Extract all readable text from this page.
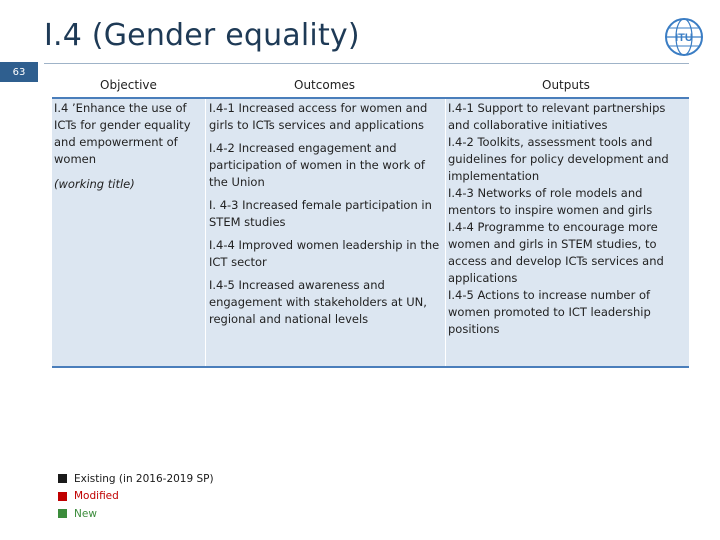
I.4 (Gender equality)
63
ITU
Objective	Outcomes	Outputs

I.4 ’Enhance the use of ICTs for gender equality and empowerment of women

(working title)

I.4-1 Increased access for women and girls to ICTs services and applications

I.4-2 Increased engagement and participation of women in the work of the Union

I. 4-3 Increased female participation in STEM studies

I.4-4 Improved women leadership in the ICT sector

I.4-5 Increased awareness and engagement with stakeholders at UN, regional and national levels

I.4-1 Support to relevant partnerships and collaborative initiatives

I.4-2 Toolkits, assessment tools and guidelines for policy development and implementation

I.4-3 Networks of role models and mentors to inspire women and girls

I.4-4 Programme to encourage more women and girls in STEM studies, to access and develop ICTs services and applications

I.4-5 Actions to increase number of women promoted to ICT leadership positions

Existing (in 2016-2019 SP)
Modified
New
